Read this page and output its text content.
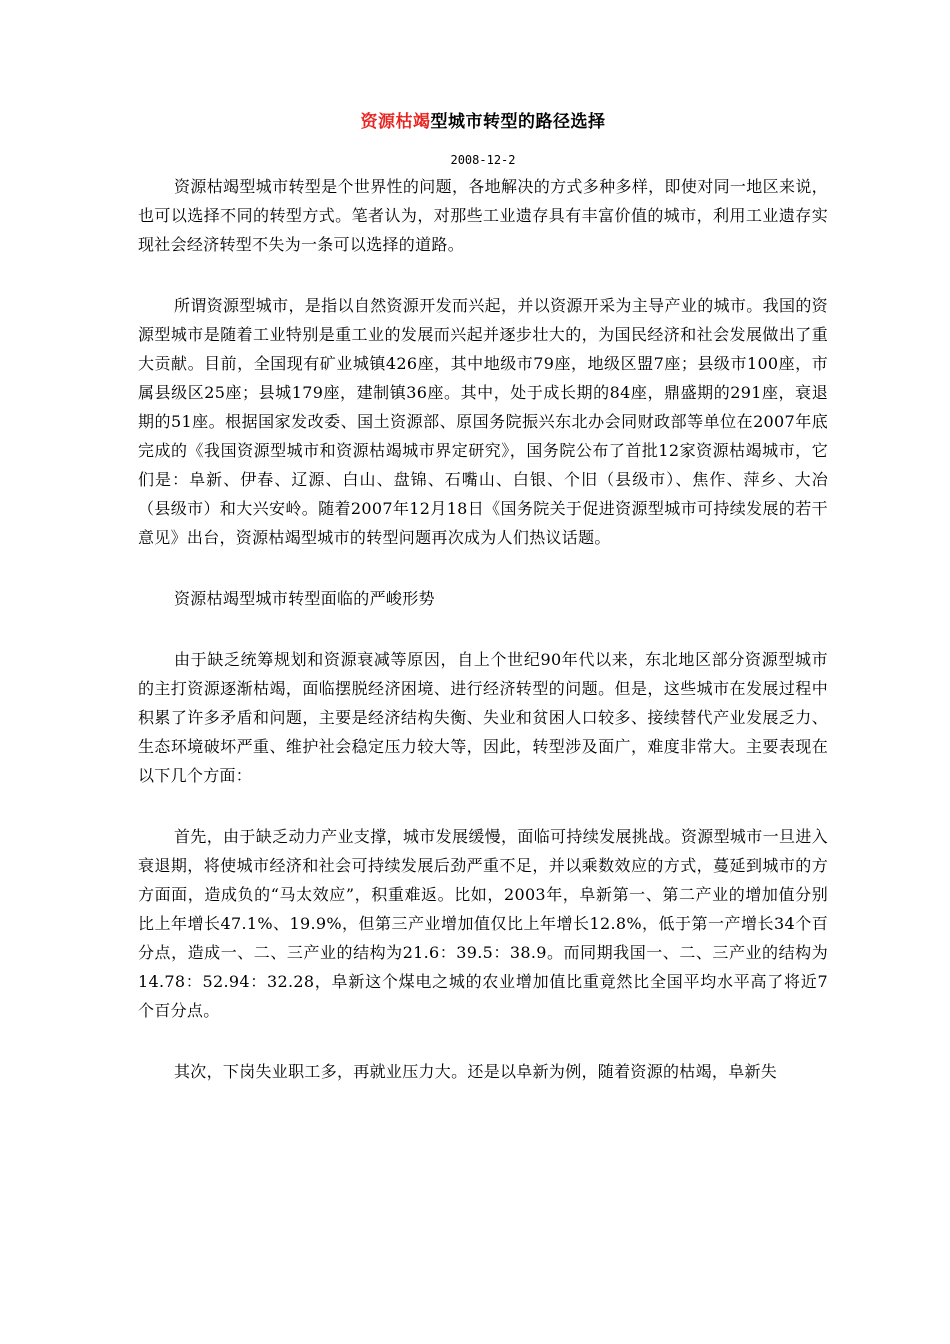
资源枯竭型城市转型的路径选择
2008-12-2

资源枯竭型城市转型是个世界性的问题，各地解决的方式多种多样，即使对同一地区来说，也可以选择不同的转型方式。笔者认为，对那些工业遗存具有丰富价值的城市，利用工业遗存实现社会经济转型不失为一条可以选择的道路。

所谓资源型城市，是指以自然资源开发而兴起，并以资源开采为主导产业的城市。我国的资源型城市是随着工业特别是重工业的发展而兴起并逐步壮大的，为国民经济和社会发展做出了重大贡献。目前，全国现有矿业城镇426座，其中地级市79座，地级区盟7座；县级市100座，市属县级区25座；县城179座，建制镇36座。其中，处于成长期的84座，鼎盛期的291座，衰退期的51座。根据国家发改委、国土资源部、原国务院振兴东北办会同财政部等单位在2007年底完成的《我国资源型城市和资源枯竭城市界定研究》，国务院公布了首批12家资源枯竭城市，它们是：阜新、伊春、辽源、白山、盘锦、石嘴山、白银、个旧（县级市）、焦作、萍乡、大冶（县级市）和大兴安岭。随着2007年12月18日《国务院关于促进资源型城市可持续发展的若干意见》出台，资源枯竭型城市的转型问题再次成为人们热议话题。

资源枯竭型城市转型面临的严峻形势

由于缺乏统筹规划和资源衰减等原因，自上个世纪90年代以来，东北地区部分资源型城市的主打资源逐渐枯竭，面临摆脱经济困境、进行经济转型的问题。但是，这些城市在发展过程中积累了许多矛盾和问题，主要是经济结构失衡、失业和贫困人口较多、接续替代产业发展乏力、生态环境破坏严重、维护社会稳定压力较大等，因此，转型涉及面广，难度非常大。主要表现在以下几个方面：

首先，由于缺乏动力产业支撑，城市发展缓慢，面临可持续发展挑战。资源型城市一旦进入衰退期，将使城市经济和社会可持续发展后劲严重不足，并以乘数效应的方式，蔓延到城市的方方面面，造成负的“马太效应”，积重难返。比如，2003年，阜新第一、第二产业的增加值分别比上年增长47.1%、19.9%，但第三产业增加值仅比上年增长12.8%，低于第一产增长34个百分点，造成一、二、三产业的结构为21.6：39.5：38.9。而同期我国一、二、三产业的结构为14.78：52.94：32.28，阜新这个煤电之城的农业增加值比重竟然比全国平均水平高了将近7个百分点。

其次，下岗失业职工多，再就业压力大。还是以阜新为例，随着资源的枯竭，阜新失
